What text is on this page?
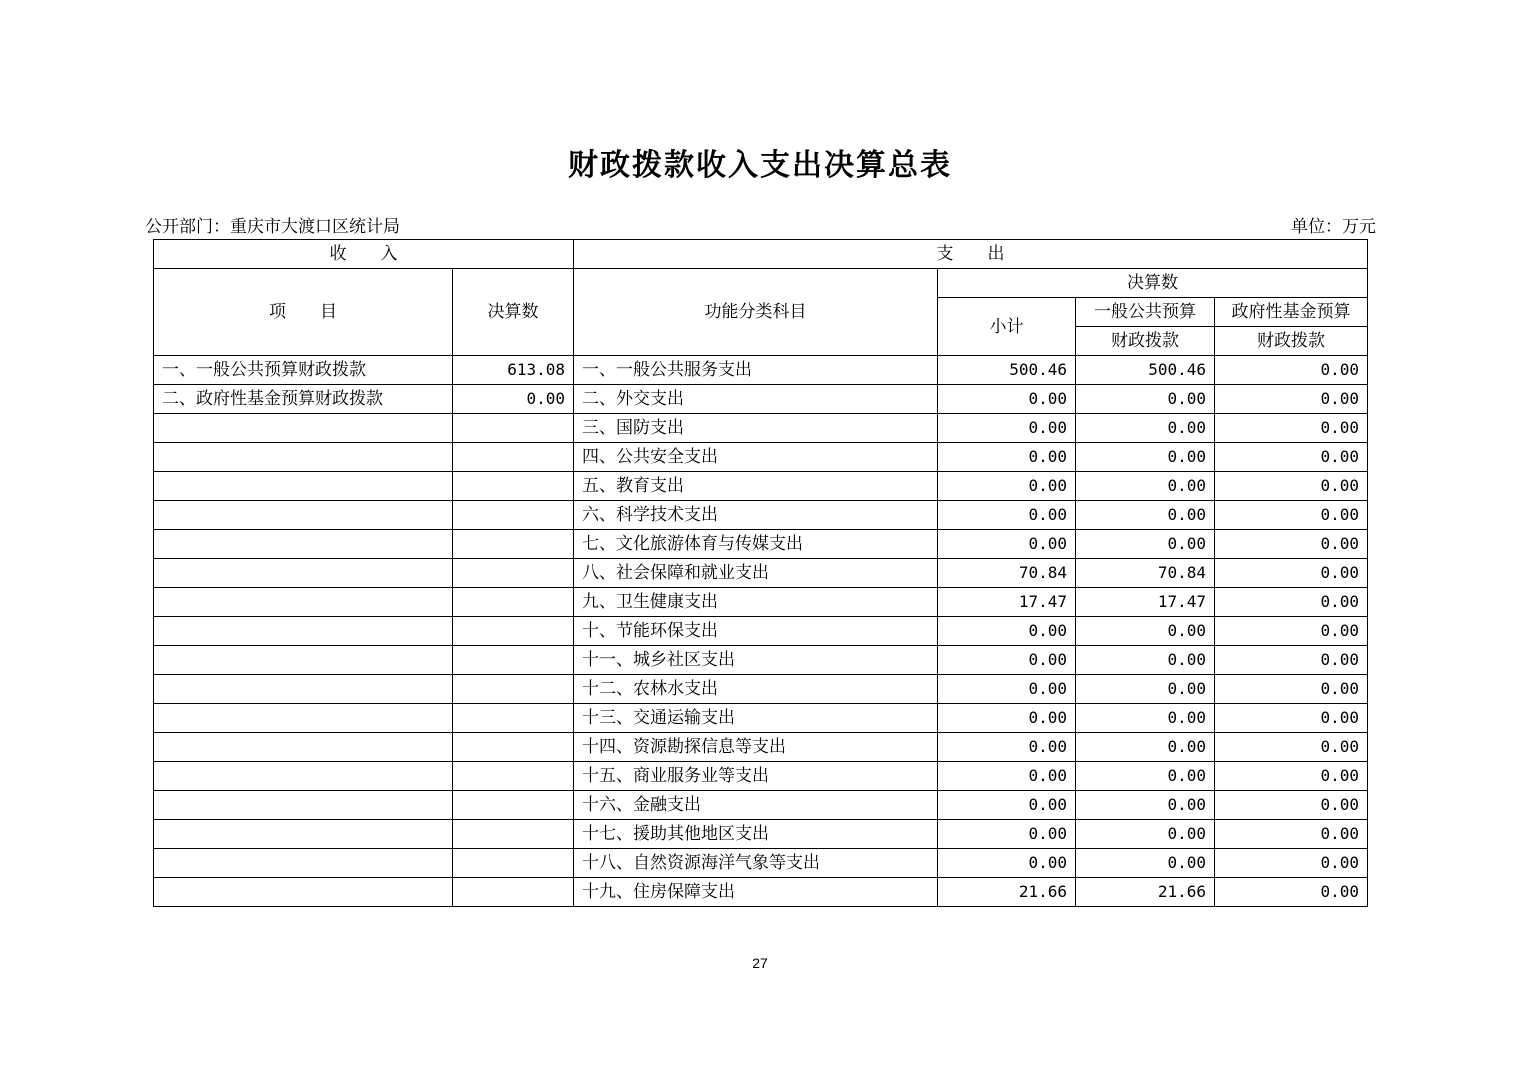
财政拨款收入支出决算总表
公开部门：重庆市大渡口区统计局	单位：万元
收　　入		支　　出			
项　　目	决算数	功能分类科目	决算数		
			小计	一般公共预算	政府性基金预算
				财政拨款	财政拨款
一、一般公共预算财政拨款	613.08	一、一般公共服务支出	500.46	500.46	0.00
二、政府性基金预算财政拨款	0.00	二、外交支出	0.00	0.00	0.00
		三、国防支出	0.00	0.00	0.00
		四、公共安全支出	0.00	0.00	0.00
		五、教育支出	0.00	0.00	0.00
		六、科学技术支出	0.00	0.00	0.00
		七、文化旅游体育与传媒支出	0.00	0.00	0.00
		八、社会保障和就业支出	70.84	70.84	0.00
		九、卫生健康支出	17.47	17.47	0.00
		十、节能环保支出	0.00	0.00	0.00
		十一、城乡社区支出	0.00	0.00	0.00
		十二、农林水支出	0.00	0.00	0.00
		十三、交通运输支出	0.00	0.00	0.00
		十四、资源勘探信息等支出	0.00	0.00	0.00
		十五、商业服务业等支出	0.00	0.00	0.00
		十六、金融支出	0.00	0.00	0.00
		十七、援助其他地区支出	0.00	0.00	0.00
		十八、自然资源海洋气象等支出	0.00	0.00	0.00
		十九、住房保障支出	21.66	21.66	0.00
27
